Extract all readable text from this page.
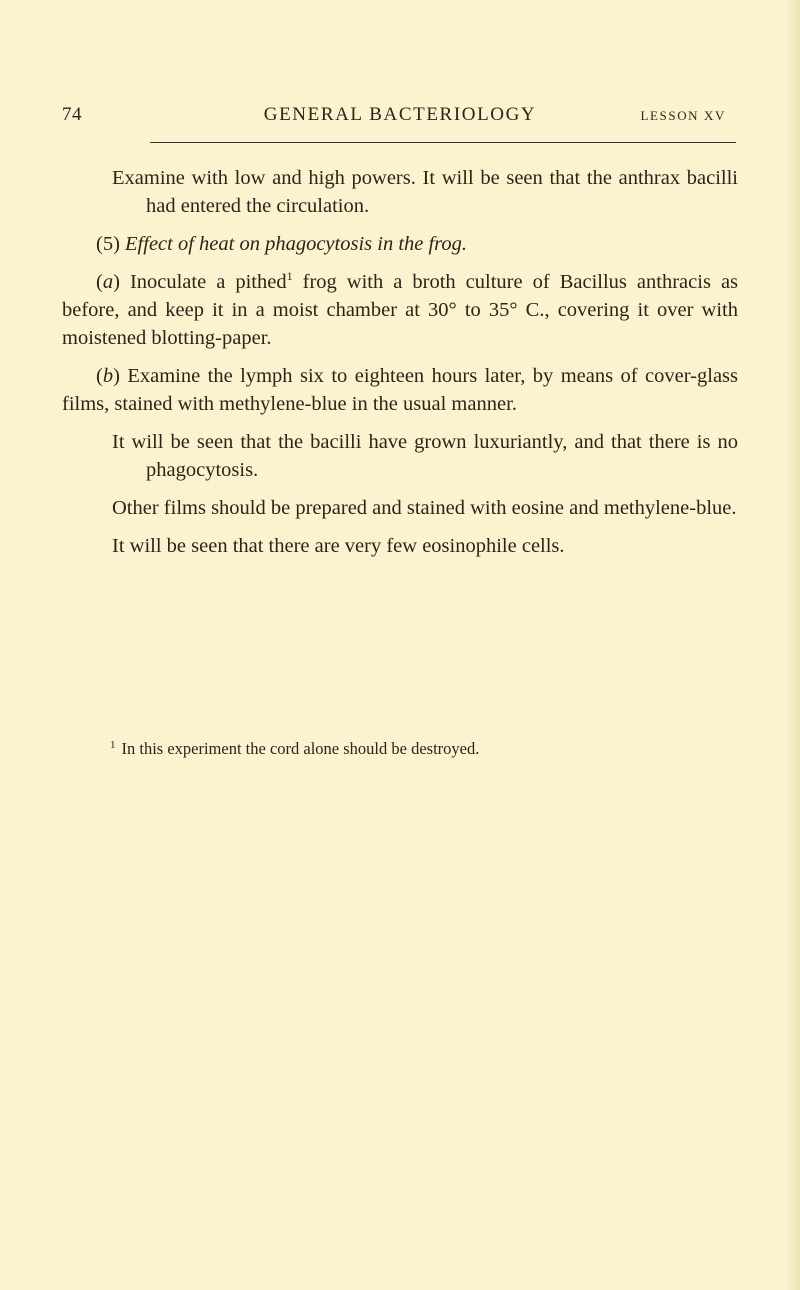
74	GENERAL BACTERIOLOGY	LESSON XV

Examine with low and high powers. It will be seen that the anthrax bacilli had entered the circulation.

(5) Effect of heat on phagocytosis in the frog.

(a) Inoculate a pithed$^1$ frog with a broth culture of Bacillus anthracis as before, and keep it in a moist chamber at 30° to 35° C., covering it over with moistened blotting-paper.

(b) Examine the lymph six to eighteen hours later, by means of cover-glass films, stained with methylene-blue in the usual manner.

It will be seen that the bacilli have grown luxuriantly, and that there is no phagocytosis.

Other films should be prepared and stained with eosine and methylene-blue.

It will be seen that there are very few eosinophile cells.

$^1$ In this experiment the cord alone should be destroyed.
